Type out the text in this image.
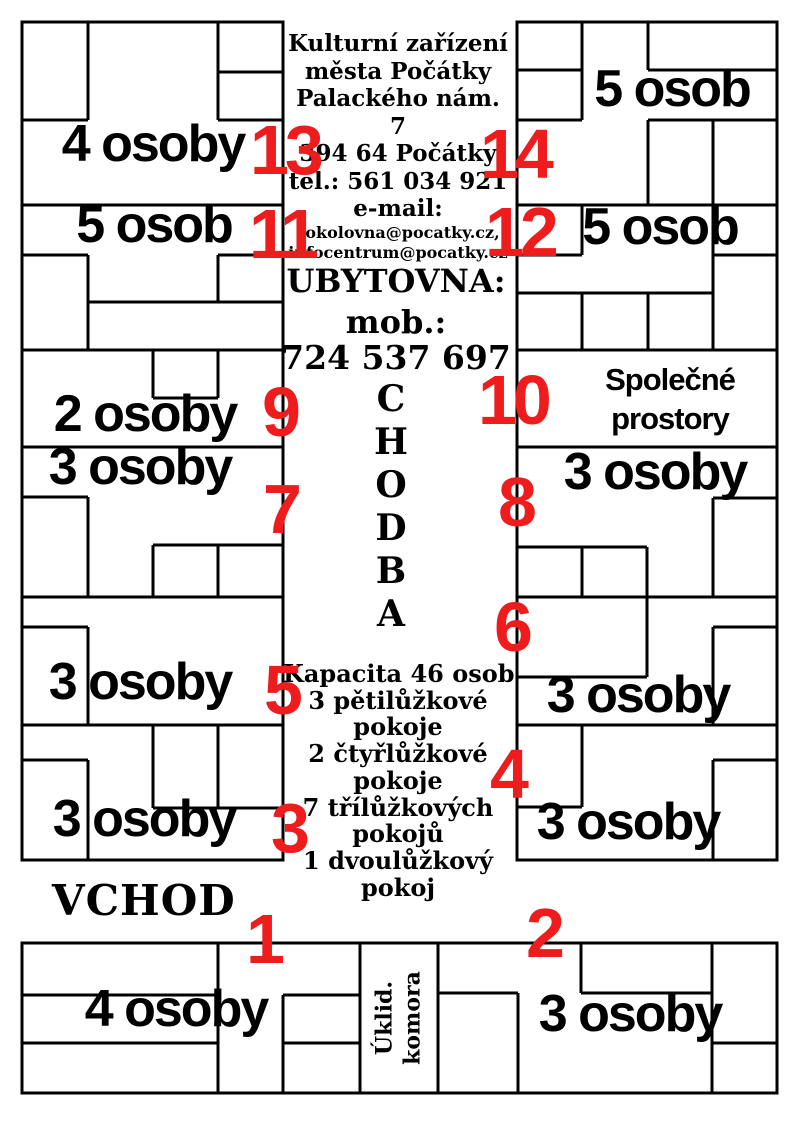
Kulturní zařízení
města Počátky
Palackého nám.
7
394 64 Počátky
tel.: 561 034 921
e-mail:
sokolovna@pocatky.cz,
infocentrum@pocatky.cz
UBYTOVNA:
mob.:
724 537 697
C
H
O
D
B
A
Kapacita 46 osob
3 pětilůžkové
pokoje
2 čtyřlůžkové
pokoje
7 třílůžkových
pokojů
1 dvoulůžkový
pokoj
4 osoby
5 osob
2 osoby
3 osoby
3 osoby
3 osoby
5 osob
5 osob
Společné
prostory
3 osoby
3 osoby
3 osoby
4 osoby	3 osoby
13 14
11 12
9	10
7	8
5
6
3
4
1	2
VCHOD
Úklid. komora
